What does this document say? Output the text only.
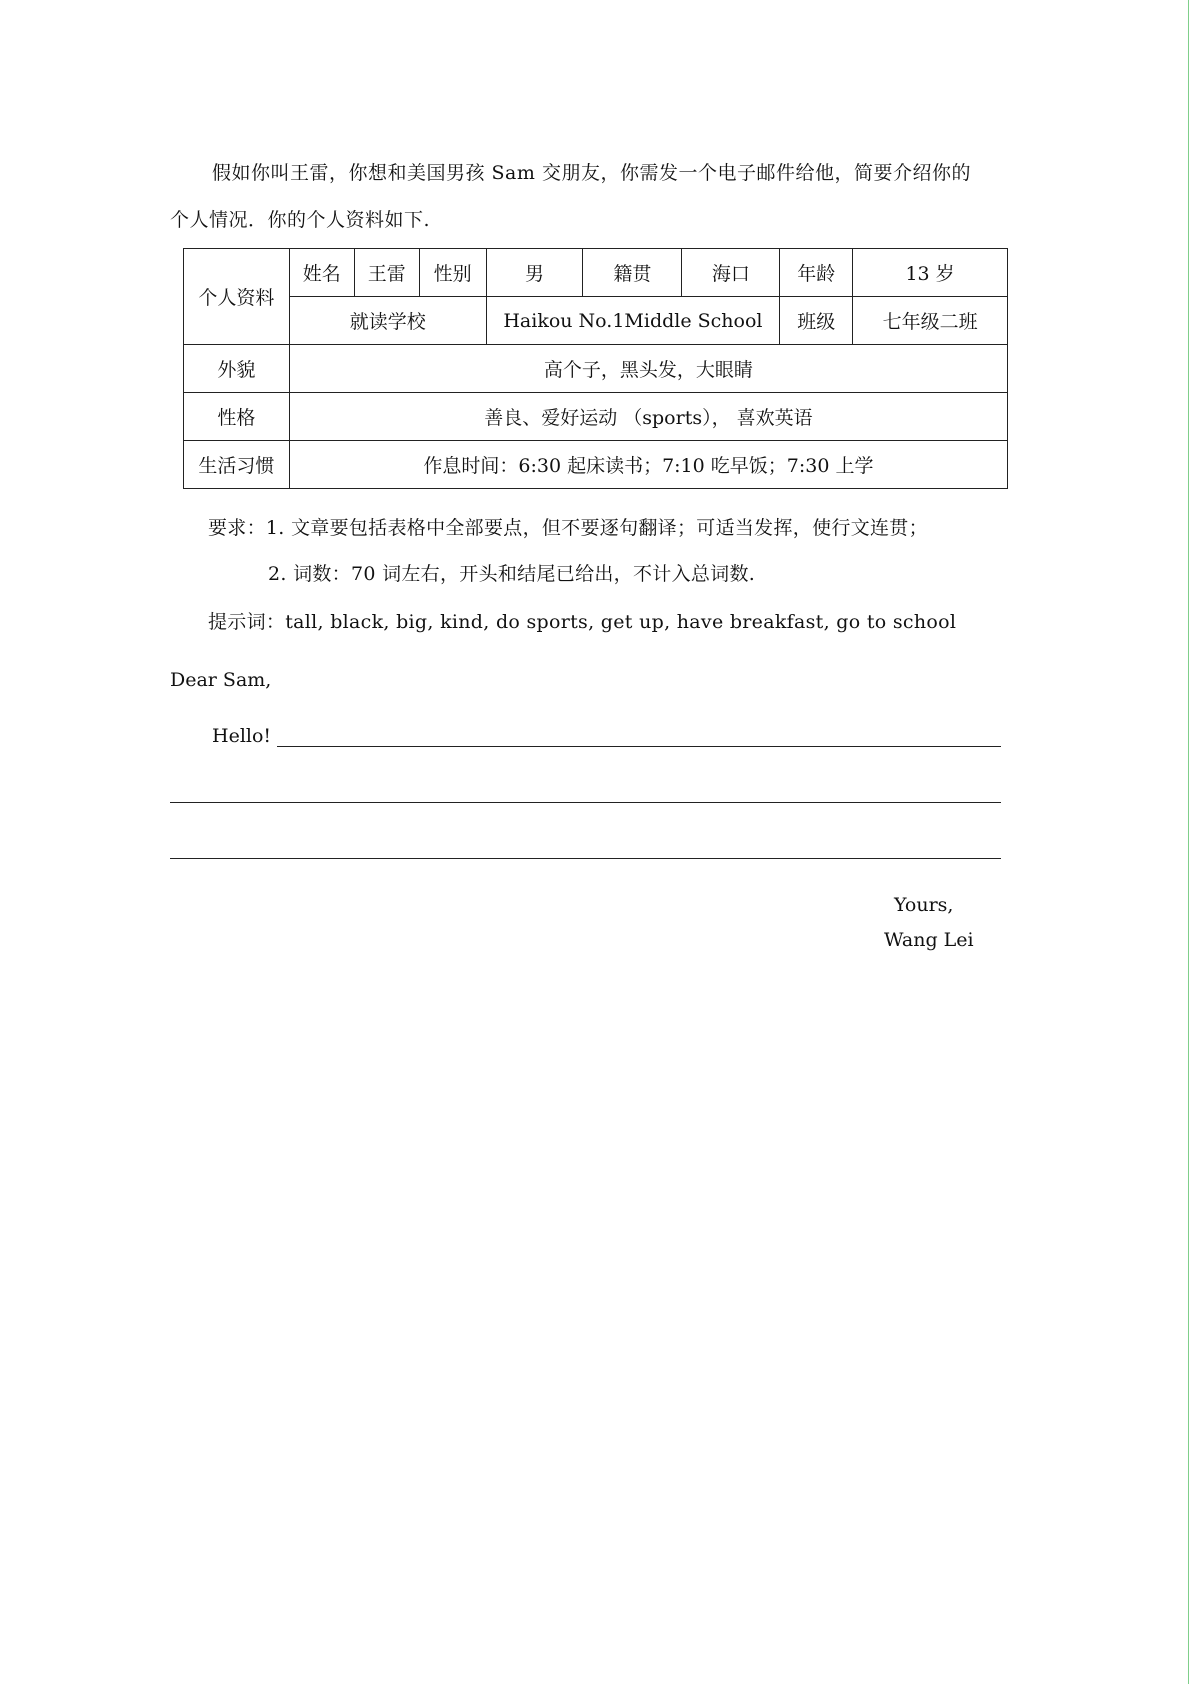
假如你叫王雷，你想和美国男孩 Sam 交朋友，你需发一个电子邮件给他，简要介绍你的

个人情况．你的个人资料如下.

个人资料	姓名	王雷	性别	男	籍贯	海口	年龄	13 岁
	就读学校			Haikou No.1Middle School			班级	七年级二班
外貌	高个子，黑头发，大眼睛							
性格	善良、爱好运动 （sports）， 喜欢英语							
生活习惯	作息时间：6:30 起床读书；7:10 吃早饭；7:30 上学							
要求：1. 文章要包括表格中全部要点，但不要逐句翻译；可适当发挥，使行文连贯；
2. 词数：70 词左右，开头和结尾已给出，不计入总词数.
提示词：tall, black, big, kind, do sports, get up, have breakfast, go to school
Dear Sam,
Hello!
Yours,
Wang Lei
